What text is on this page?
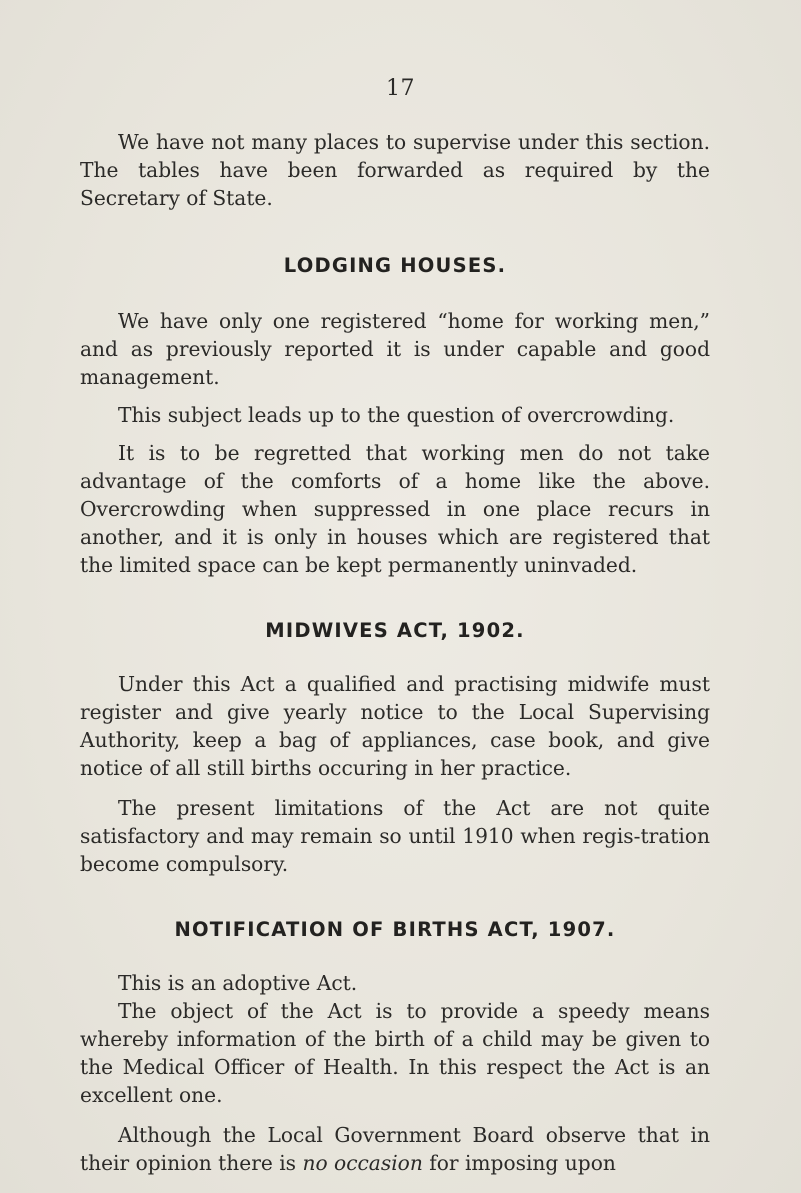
17

We have not many places to supervise under this section. The tables have been forwarded as required by the Secretary of State.

LODGING HOUSES.

We have only one registered “home for working men,” and as previously reported it is under capable and good management.

This subject leads up to the question of overcrowding.

It is to be regretted that working men do not take advantage of the comforts of a home like the above. Overcrowding when suppressed in one place recurs in another, and it is only in houses which are registered that the limited space can be kept permanently uninvaded.

MIDWIVES ACT, 1902.

Under this Act a qualified and practising midwife must register and give yearly notice to the Local Supervising Authority, keep a bag of appliances, case book, and give notice of all still births occuring in her practice.

The present limitations of the Act are not quite satisfactory and may remain so until 1910 when regis-tration become compulsory.

NOTIFICATION OF BIRTHS ACT, 1907.

This is an adoptive Act.

The object of the Act is to provide a speedy means whereby information of the birth of a child may be given to the Medical Officer of Health. In this respect the Act is an excellent one.

Although the Local Government Board observe that in their opinion there is no occasion for imposing upon
